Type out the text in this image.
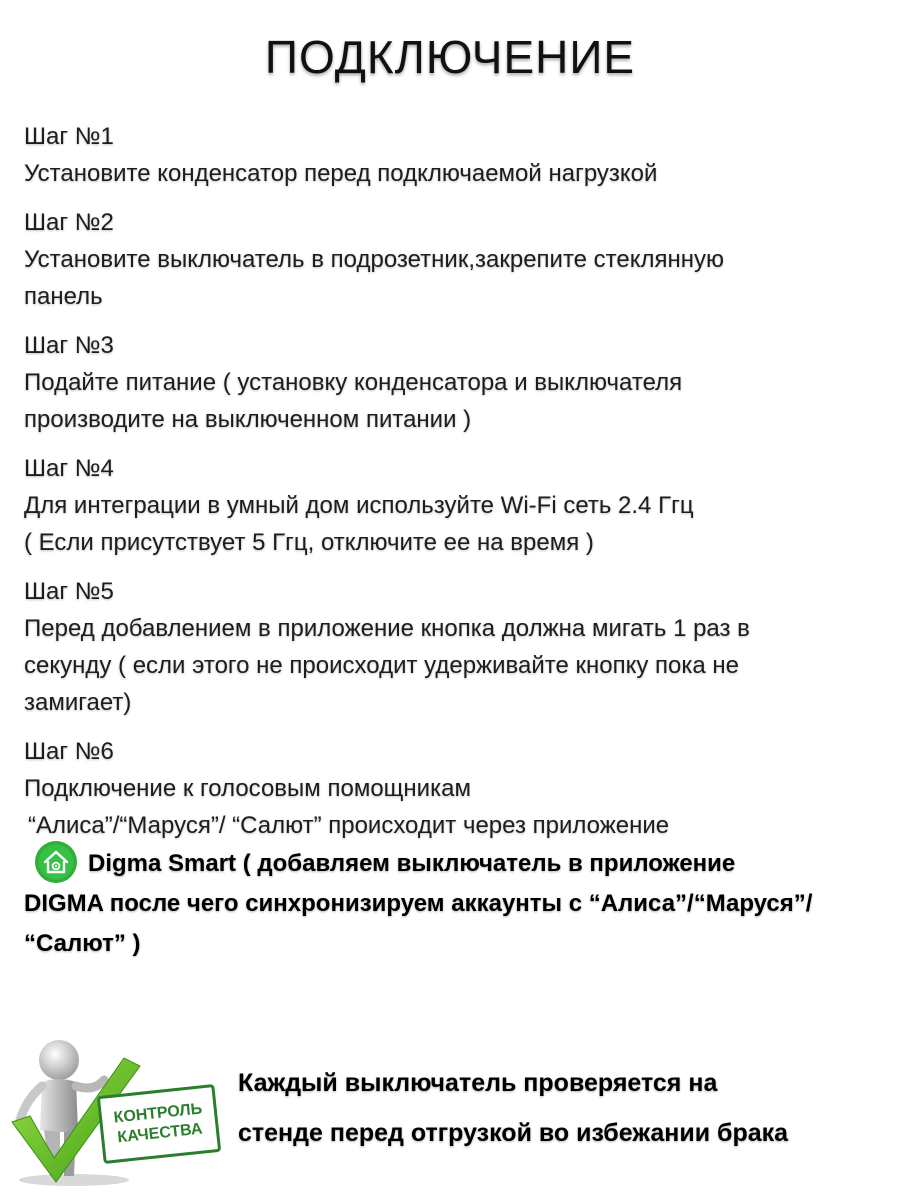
ПОДКЛЮЧЕНИЕ
Шаг №1
Установите конденсатор перед подключаемой нагрузкой
Шаг №2
Установите выключатель в подрозетник,закрепите стеклянную
панель
Шаг №3
Подайте питание ( установку конденсатора и выключателя
производите на выключенном питании )
Шаг №4
Для интеграции в умный дом используйте Wi-Fi сеть 2.4 Ггц
( Если присутствует 5 Ггц, отключите ее на время )
Шаг №5
Перед добавлением в приложение кнопка должна мигать 1 раз в
секунду ( если этого не происходит удерживайте кнопку пока не
замигает)
Шаг №6
Подключение к голосовым помощникам
“Алиса”/“Маруся”/ “Салют” происходит через приложение
Digma Smart ( добавляем выключатель в приложение
DIGMA после чего синхронизируем аккаунты с “Алиса”/“Маруся”/
“Салют” )
КОНТРОЛЬ
КАЧЕСТВА
Каждый выключатель проверяется на
стенде перед отгрузкой во избежании брака
